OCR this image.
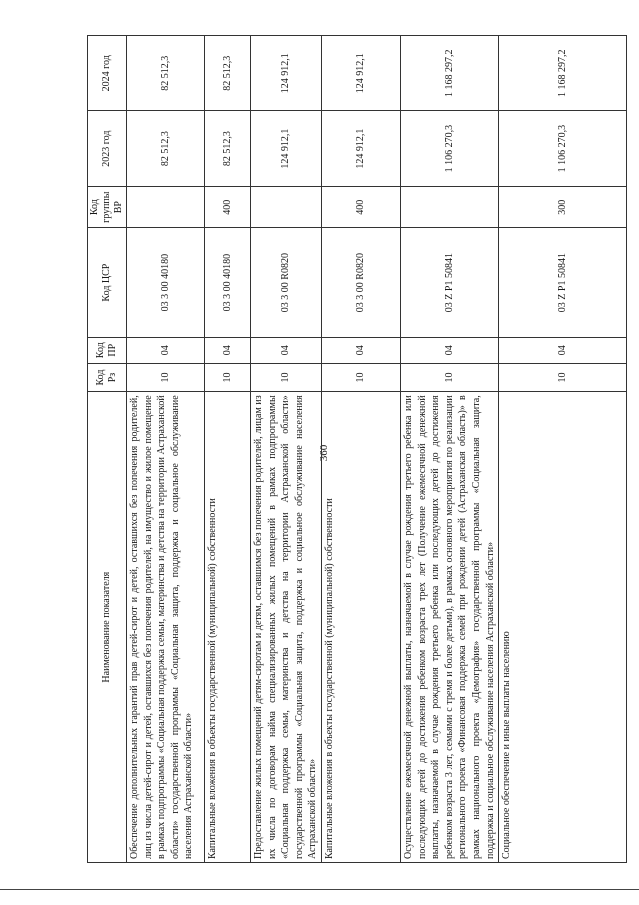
360
Наименование показателя	Код Рз	Код ПР	Код ЦСР	Код группы ВР	2023 год	2024 год
Обеспечение дополнительных гарантий прав детей-сирот и детей, оставшихся без попечения родителей, лиц из числа детей-сирот и детей, оставшихся без попечения родителей, на имущество и жилое помещение в рамках подпрограммы «Социальная поддержка семьи, материнства и детства на территории Астраханской области» государственной программы «Социальная защита, поддержка и социальное обслуживание населения Астраханской области»	10	04	03 3 00 40180		82 512,3	82 512,3
Капитальные вложения в объекты государственной (муниципальной) собственности	10	04	03 3 00 40180	400	82 512,3	82 512,3
Предоставление жилых помещений детям-сиротам и детям, оставшимся без попечения родителей, лицам из их числа по договорам найма специализированных жилых помещений в рамках подпрограммы «Социальная поддержка семьи, материнства и детства на территории Астраханской области» государственной программы «Социальная защита, поддержка и социальное обслуживание населения Астраханской области»	10	04	03 3 00 R0820		124 912,1	124 912,1
Капитальные вложения в объекты государственной (муниципальной) собственности	10	04	03 3 00 R0820	400	124 912,1	124 912,1
Осуществление ежемесячной денежной выплаты, назначаемой в случае рождения третьего ребенка или последующих детей до достижения ребенком возраста трех лет (Получение ежемесячной денежной выплаты, назначаемой в случае рождения третьего ребенка или последующих детей до достижения ребенком возраста 3 лет, семьями с тремя и более детьми), в рамках основного мероприятия по реализации регионального проекта «Финансовая поддержка семей при рождении детей (Астраханская область)» в рамках национального проекта «Демография» государственной программы «Социальная защита, поддержка и социальное обслуживание населения Астраханской области»	10	04	03 Z P1 50841		1 106 270,3	1 168 297,2
Социальное обеспечение и иные выплаты населению	10	04	03 Z P1 50841	300	1 106 270,3	1 168 297,2
